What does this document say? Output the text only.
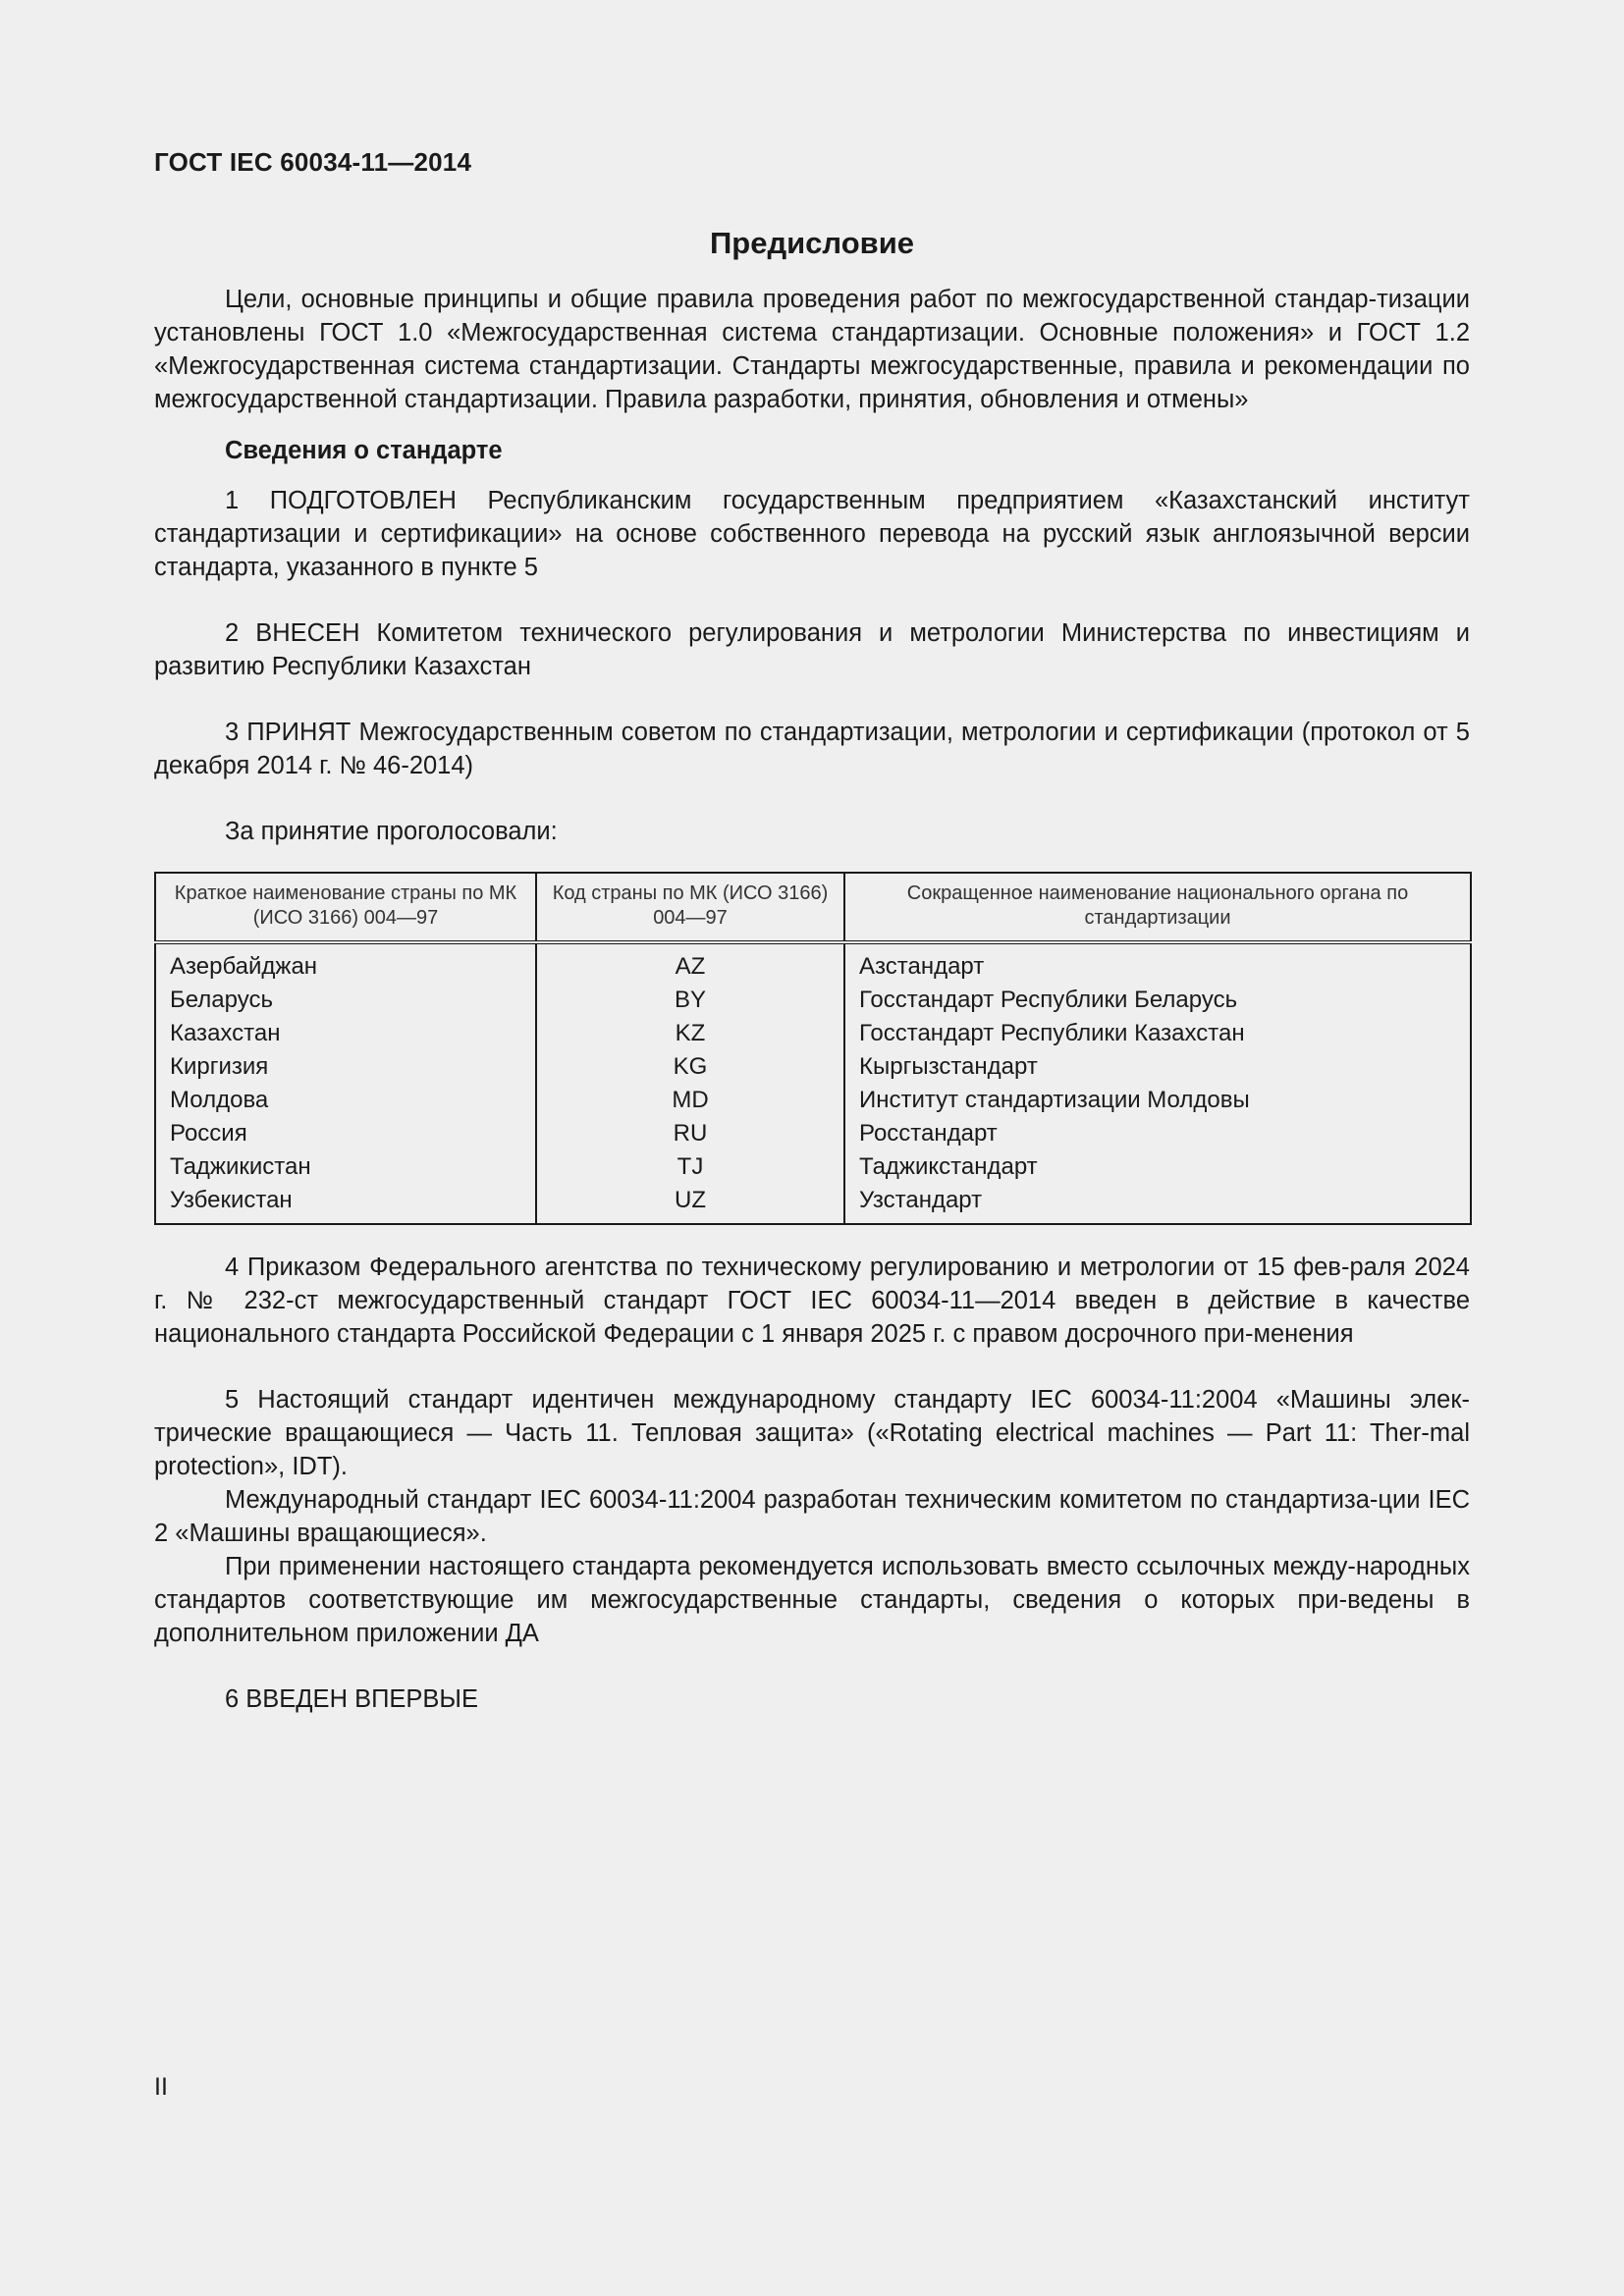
ГОСТ IEC 60034-11—2014
Предисловие

Цели, основные принципы и общие правила проведения работ по межгосударственной стандар-тизации установлены ГОСТ 1.0 «Межгосударственная система стандартизации. Основные положения» и ГОСТ 1.2 «Межгосударственная система стандартизации. Стандарты межгосударственные, правила и рекомендации по межгосударственной стандартизации. Правила разработки, принятия, обновления и отмены»

Сведения о стандарте

1 ПОДГОТОВЛЕН Республиканским государственным предприятием «Казахстанский институт стандартизации и сертификации» на основе собственного перевода на русский язык англоязычной версии стандарта, указанного в пункте 5

2 ВНЕСЕН Комитетом технического регулирования и метрологии Министерства по инвестициям и развитию Республики Казахстан

3 ПРИНЯТ Межгосударственным советом по стандартизации, метрологии и сертификации (протокол от 5 декабря 2014 г. № 46-2014)

За принятие проголосовали:

Краткое наименование страны по МК (ИСО 3166) 004—97	Код страны по МК (ИСО 3166) 004—97	Сокращенное наименование национального органа по стандартизации
Азербайджан	AZ	Азстандарт
Беларусь	BY	Госстандарт Республики Беларусь
Казахстан	KZ	Госстандарт Республики Казахстан
Киргизия	KG	Кыргызстандарт
Молдова	MD	Институт стандартизации Молдовы
Россия	RU	Росстандарт
Таджикистан	TJ	Таджикстандарт
Узбекистан	UZ	Узстандарт

4 Приказом Федерального агентства по техническому регулированию и метрологии от 15 фев-раля 2024 г. № 232-ст межгосударственный стандарт ГОСТ IEC 60034-11—2014 введен в действие в качестве национального стандарта Российской Федерации с 1 января 2025 г. с правом досрочного при-менения

5 Настоящий стандарт идентичен международному стандарту IEC 60034-11:2004 «Машины элек-трические вращающиеся — Часть 11. Тепловая защита» («Rotating electrical machines — Part 11: Ther-mal protection», IDT).

Международный стандарт IEC 60034-11:2004 разработан техническим комитетом по стандартиза-ции IEC 2 «Машины вращающиеся».

При применении настоящего стандарта рекомендуется использовать вместо ссылочных между-народных стандартов соответствующие им межгосударственные стандарты, сведения о которых при-ведены в дополнительном приложении ДА

6 ВВЕДЕН ВПЕРВЫЕ

II
